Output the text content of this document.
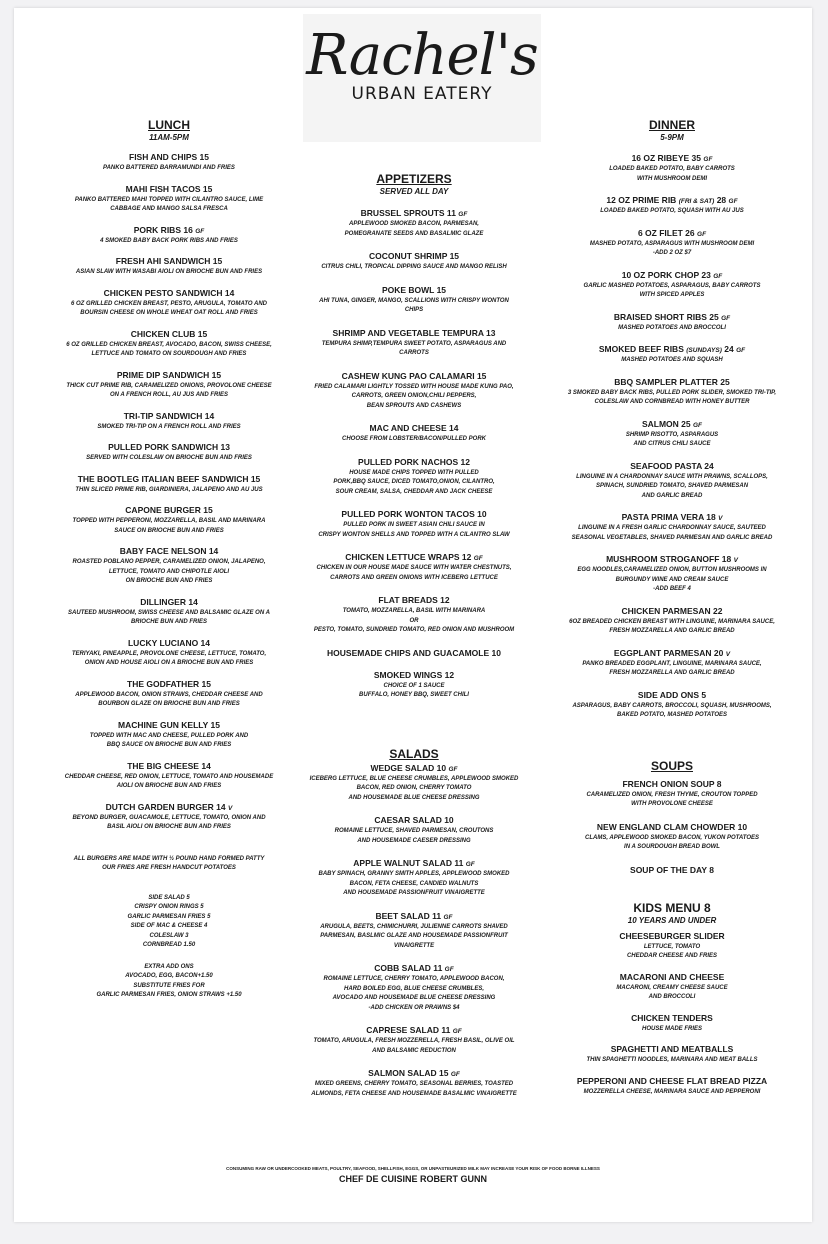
Rachel's
URBAN EATERY
LUNCH
11AM-5PM
FISH AND CHIPS 15
PANKO BATTERED BARRAMUNDI AND FRIES
MAHI FISH TACOS 15
PANKO BATTERED MAHI TOPPED WITH CILANTRO SAUCE, LIME
CABBAGE AND MANGO SALSA FRESCA
PORK RIBS 16 GF
4 SMOKED BABY BACK PORK RIBS AND FRIES
FRESH AHI SANDWICH 15
ASIAN SLAW WITH WASABI AIOLI ON BRIOCHE BUN AND FRIES
CHICKEN PESTO SANDWICH 14
6 OZ GRILLED CHICKEN BREAST, PESTO, ARUGULA, TOMATO AND
BOURSIN CHEESE ON WHOLE WHEAT OAT ROLL AND FRIES
CHICKEN CLUB 15
6 OZ GRILLED CHICKEN BREAST, AVOCADO, BACON, SWISS CHEESE,
LETTUCE AND TOMATO ON SOURDOUGH AND FRIES
PRIME DIP SANDWICH 15
THICK CUT PRIME RIB, CARAMELIZED ONIONS, PROVOLONE CHEESE
ON A FRENCH ROLL, AU JUS AND FRIES
TRI-TIP SANDWICH 14
SMOKED TRI-TIP ON A FRENCH ROLL AND FRIES
PULLED PORK SANDWICH 13
SERVED WITH COLESLAW ON BRIOCHE BUN AND FRIES
THE BOOTLEG ITALIAN BEEF SANDWICH 15
THIN SLICED PRIME RIB, GIARDINIERA, JALAPENO AND AU JUS
CAPONE BURGER 15
TOPPED WITH PEPPERONI, MOZZARELLA, BASIL AND MARINARA
SAUCE ON BRIOCHE BUN AND FRIES
BABY FACE NELSON 14
ROASTED POBLANO PEPPER, CARAMELIZED ONION, JALAPENO,
LETTUCE, TOMATO AND CHIPOTLE AIOLI
ON BRIOCHE BUN AND FRIES
DILLINGER 14
SAUTEED MUSHROOM, SWISS CHEESE AND BALSAMIC GLAZE ON A
BRIOCHE BUN AND FRIES
LUCKY LUCIANO 14
TERIYAKI, PINEAPPLE, PROVOLONE CHEESE, LETTUCE, TOMATO,
ONION AND HOUSE AIOLI ON A BRIOCHE BUN AND FRIES
THE GODFATHER 15
APPLEWOOD BACON, ONION STRAWS, CHEDDAR CHEESE AND
BOURBON GLAZE ON BRIOCHE BUN AND FRIES
MACHINE GUN KELLY 15
TOPPED WITH MAC AND CHEESE, PULLED PORK AND
BBQ SAUCE ON BRIOCHE BUN AND FRIES
THE BIG CHEESE 14
CHEDDAR CHEESE, RED ONION, LETTUCE, TOMATO AND HOUSEMADE
AIOLI ON BRIOCHE BUN AND FRIES
DUTCH GARDEN BURGER 14 V
BEYOND BURGER, GUACAMOLE, LETTUCE, TOMATO, ONION AND
BASIL AIOLI ON BRIOCHE BUN AND FRIES
ALL BURGERS ARE MADE WITH ½ POUND HAND FORMED PATTY
OUR FRIES ARE FRESH HANDCUT POTATOES
SIDE SALAD 5
CRISPY ONION RINGS 5
GARLIC PARMESAN FRIES 5
SIDE OF MAC & CHEESE 4
COLESLAW 3
CORNBREAD 1.50
EXTRA ADD ONS
AVOCADO, EGG, BACON+1.50
SUBSTITUTE FRIES FOR
GARLIC PARMESAN FRIES, ONION STRAWS +1.50
APPETIZERS
SERVED ALL DAY
BRUSSEL SPROUTS 11 GF
APPLEWOOD SMOKED BACON, PARMESAN,
POMEGRANATE SEEDS AND BASALMIC GLAZE
COCONUT SHRIMP 15
CITRUS CHILI, TROPICAL DIPPING SAUCE AND MANGO RELISH
POKE BOWL 15
AHI TUNA, GINGER, MANGO, SCALLIONS WITH CRISPY WONTON
CHIPS
SHRIMP AND VEGETABLE TEMPURA 13
TEMPURA SHIMP,TEMPURA SWEET POTATO, ASPARAGUS AND
CARROTS
CASHEW KUNG PAO CALAMARI 15
FRIED CALAMARI LIGHTLY TOSSED WITH HOUSE MADE KUNG PAO,
CARROTS, GREEN ONION,CHILI PEPPERS,
BEAN SPROUTS AND CASHEWS
MAC AND CHEESE 14
CHOOSE FROM LOBSTER/BACON/PULLED PORK
PULLED PORK NACHOS 12
HOUSE MADE CHIPS TOPPED WITH PULLED
PORK,BBQ SAUCE, DICED TOMATO,ONION, CILANTRO,
SOUR CREAM, SALSA, CHEDDAR AND JACK CHEESE
PULLED PORK WONTON TACOS 10
PULLED PORK IN SWEET ASIAN CHILI SAUCE IN
CRISPY WONTON SHELLS AND TOPPED WITH A CILANTRO SLAW
CHICKEN LETTUCE WRAPS 12 GF
CHICKEN IN OUR HOUSE MADE SAUCE WITH WATER CHESTNUTS,
CARROTS AND GREEN ONIONS WITH ICEBERG LETTUCE
FLAT BREADS 12
TOMATO, MOZZARELLA, BASIL WITH MARINARA
OR
PESTO, TOMATO, SUNDRIED TOMATO, RED ONION AND MUSHROOM
HOUSEMADE CHIPS AND GUACAMOLE 10
SMOKED WINGS 12
CHOICE OF 1 SAUCE
BUFFALO, HONEY BBQ, SWEET CHILI
SALADS
WEDGE SALAD 10 GF
ICEBERG LETTUCE, BLUE CHEESE CRUMBLES, APPLEWOOD SMOKED
BACON, RED ONION, CHERRY TOMATO
AND HOUSEMADE BLUE CHEESE DRESSING
CAESAR SALAD 10
ROMAINE LETTUCE, SHAVED PARMESAN, CROUTONS
AND HOUSEMADE CAESER DRESSING
APPLE WALNUT SALAD 11 GF
BABY SPINACH, GRANNY SMITH APPLES, APPLEWOOD SMOKED
BACON, FETA CHEESE, CANDIED WALNUTS
AND HOUSEMADE PASSIONFRUIT VINAIGRETTE
BEET SALAD 11 GF
ARUGULA, BEETS, CHIMICHURRI, JULIENNE CARROTS SHAVED
PARMESAN, BASLMIC GLAZE AND HOUSEMADE PASSIONFRUIT
VINAIGRETTE
COBB SALAD 11 GF
ROMAINE LETTUCE, CHERRY TOMATO, APPLEWOOD BACON,
HARD BOILED EGG, BLUE CHEESE CRUMBLES,
AVOCADO AND HOUSEMADE BLUE CHEESE DRESSING
-ADD CHICKEN OR PRAWNS $4
CAPRESE SALAD 11 GF
TOMATO, ARUGULA, FRESH MOZZERELLA, FRESH BASIL, OLIVE OIL
AND BALSAMIC REDUCTION
SALMON SALAD 15 GF
MIXED GREENS, CHERRY TOMATO, SEASONAL BERRIES, TOASTED
ALMONDS, FETA CHEESE AND HOUSEMADE BASALMIC VINAIGRETTE
DINNER
5-9PM
16 OZ RIBEYE 35 GF
LOADED BAKED POTATO, BABY CARROTS
WITH MUSHROOM DEMI
12 OZ PRIME RIB (FRI & SAT) 28 GF
LOADED BAKED POTATO, SQUASH WITH AU JUS
6 OZ FILET 26 GF
MASHED POTATO, ASPARAGUS WITH MUSHROOM DEMI
-ADD 2 OZ $7
10 OZ PORK CHOP 23 GF
GARLIC MASHED POTATOES, ASPARAGUS, BABY CARROTS
WITH SPICED APPLES
BRAISED SHORT RIBS 25 GF
MASHED POTATOES AND BROCCOLI
SMOKED BEEF RIBS (SUNDAYS) 24 GF
MASHED POTATOES AND SQUASH
BBQ SAMPLER PLATTER 25
3 SMOKED BABY BACK RIBS, PULLED PORK SLIDER, SMOKED TRI-TIP,
COLESLAW AND CORNBREAD WITH HONEY BUTTER
SALMON 25 GF
SHRIMP RISOTTO, ASPARAGUS
AND CITRUS CHILI SAUCE
SEAFOOD PASTA 24
LINGUINE IN A CHARDONNAY SAUCE WITH PRAWNS, SCALLOPS,
SPINACH, SUNDRIED TOMATO, SHAVED PARMESAN
AND GARLIC BREAD
PASTA PRIMA VERA 18 V
LINGUINE IN A FRESH GARLIC CHARDONNAY SAUCE, SAUTEED
SEASONAL VEGETABLES, SHAVED PARMESAN AND GARLIC BREAD
MUSHROOM STROGANOFF 18 V
EGG NOODLES,CARAMELIZED ONION, BUTTON MUSHROOMS IN
BURGUNDY WINE AND CREAM SAUCE
-ADD BEEF 4
CHICKEN PARMESAN 22
6OZ BREADED CHICKEN BREAST WITH LINGUINE, MARINARA SAUCE,
FRESH MOZZARELLA AND GARLIC BREAD
EGGPLANT PARMESAN 20 V
PANKO BREADED EGGPLANT, LINGUINE, MARINARA SAUCE,
FRESH MOZZARELLA AND GARLIC BREAD
SIDE ADD ONS 5
ASPARAGUS, BABY CARROTS, BROCCOLI, SQUASH, MUSHROOMS,
BAKED POTATO, MASHED POTATOES
SOUPS
FRENCH ONION SOUP 8
CARAMELIZED ONION, FRESH THYME, CROUTON TOPPED
WITH PROVOLONE CHEESE
NEW ENGLAND CLAM CHOWDER 10
CLAMS, APPLEWOOD SMOKED BACON, YUKON POTATOES
IN A SOURDOUGH BREAD BOWL
SOUP OF THE DAY 8
KIDS MENU 8
10 YEARS AND UNDER
CHEESEBURGER SLIDER
LETTUCE, TOMATO
CHEDDAR CHEESE AND FRIES
MACARONI AND CHEESE
MACARONI, CREAMY CHEESE SAUCE
AND BROCCOLI
CHICKEN TENDERS
HOUSE MADE FRIES
SPAGHETTI AND MEATBALLS
THIN SPAGHETTI NOODLES, MARINARA AND MEAT BALLS
PEPPERONI AND CHEESE FLAT BREAD PIZZA
MOZZERELLA CHEESE, MARINARA SAUCE AND PEPPERONI
CONSUMING RAW OR UNDERCOOKED MEATS, POULTRY, SEAFOOD, SHELLFISH, EGGS, OR UNPASTEURIZED MILK MAY INCREASE YOUR RISK OF FOOD BORNE ILLNESS
CHEF DE CUISINE ROBERT GUNN
